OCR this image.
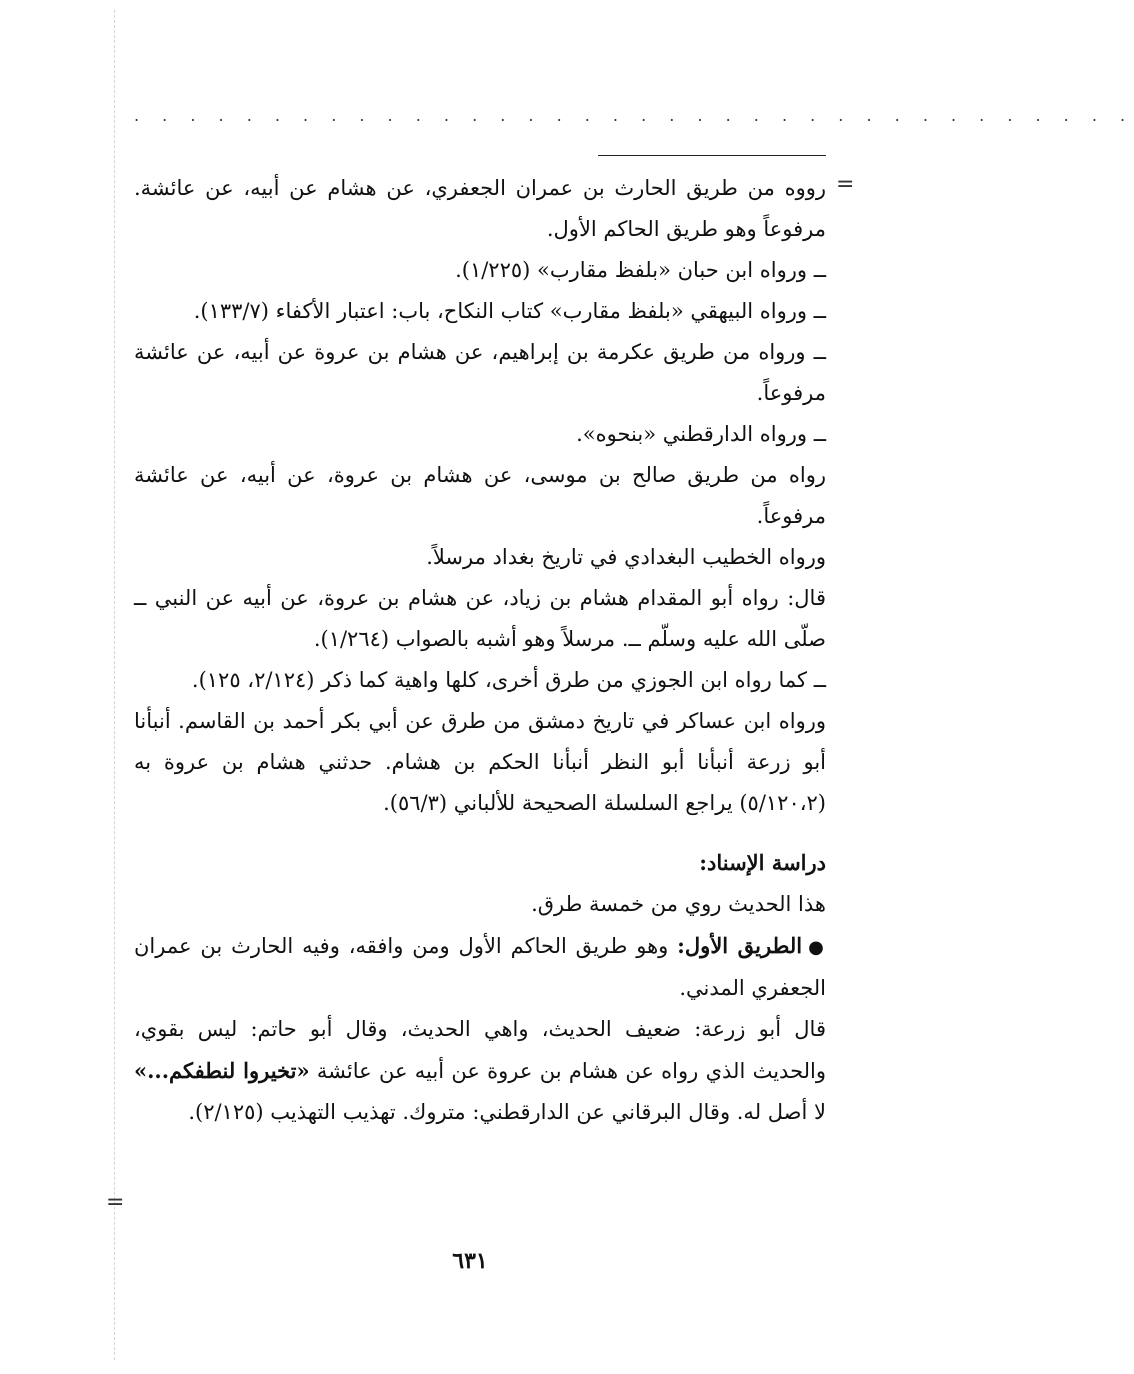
. . . . . . . . . . . . . . . . . . . . . . . . . . . . . . . . . . . .
=
=

رووه من طريق الحارث بن عمران الجعفري، عن هشام عن أبيه، عن عائشة. مرفوعاً وهو طريق الحاكم الأول.

ــ ورواه ابن حبان «بلفظ مقارب» (١/٢٢٥).

ــ ورواه البيهقي «بلفظ مقارب» كتاب النكاح، باب: اعتبار الأكفاء (١٣٣/٧).

ــ ورواه من طريق عكرمة بن إبراهيم، عن هشام بن عروة عن أبيه، عن عائشة مرفوعاً.

ــ ورواه الدارقطني «بنحوه».

رواه من طريق صالح بن موسى، عن هشام بن عروة، عن أبيه، عن عائشة مرفوعاً.

ورواه الخطيب البغدادي في تاريخ بغداد مرسلاً.

قال: رواه أبو المقدام هشام بن زياد، عن هشام بن عروة، عن أبيه عن النبي ــ صلّى الله عليه وسلّم ــ. مرسلاً وهو أشبه بالصواب (١/٢٦٤).

ــ كما رواه ابن الجوزي من طرق أخرى، كلها واهية كما ذكر (٢/١٢٤، ١٢٥).

ورواه ابن عساكر في تاريخ دمشق من طرق عن أبي بكر أحمد بن القاسم. أنبأنا أبو زرعة أنبأنا أبو النظر أنبأنا الحكم بن هشام. حدثني هشام بن عروة به (٥/١٢٠،٢) يراجع السلسلة الصحيحة للألباني (٥٦/٣).

دراسة الإسناد:

هذا الحديث روي من خمسة طرق.

●الطريق الأول: وهو طريق الحاكم الأول ومن وافقه، وفيه الحارث بن عمران الجعفري المدني.

قال أبو زرعة: ضعيف الحديث، واهي الحديث، وقال أبو حاتم: ليس بقوي، والحديث الذي رواه عن هشام بن عروة عن أبيه عن عائشة «تخيروا لنطفكم...» لا أصل له. وقال البرقاني عن الدارقطني: متروك. تهذيب التهذيب (٢/١٢٥).

٦٣١
